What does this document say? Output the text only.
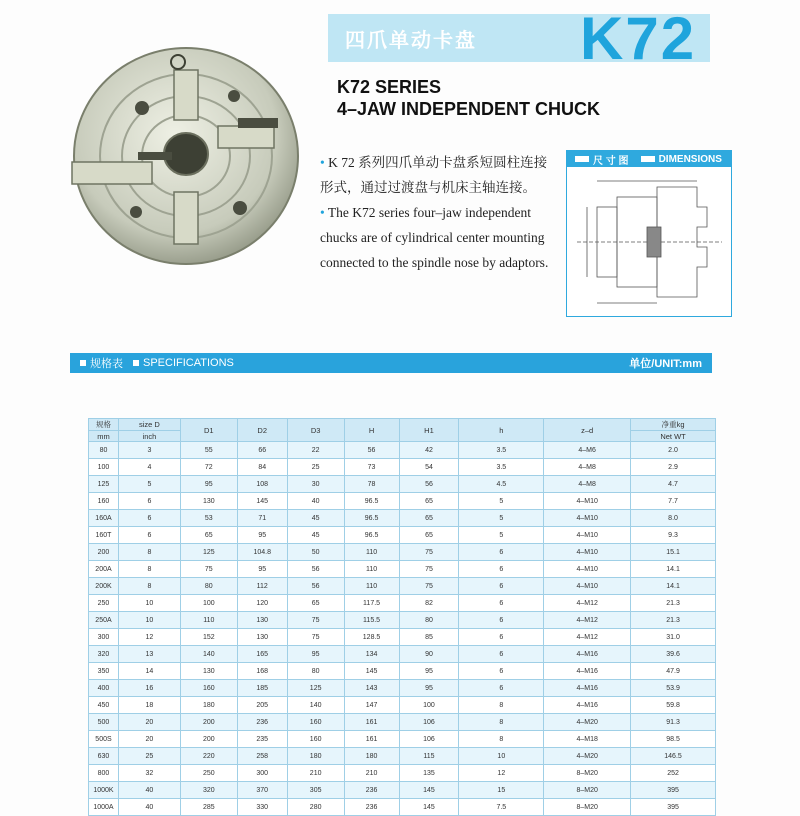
四爪单动卡盘 K72
K72 SERIES
4–JAW INDEPENDENT CHUCK

• K 72 系列四爪单动卡盘系短圆柱连接形式，通过过渡盘与机床主轴连接。

• The K72 series four–jaw independent chucks are of cylindrical center mounting connected to the spindle nose by adaptors.

尺 寸 图	DIMENSIONS
规格表 SPECIFICATIONS	单位/UNIT:mm
规格	size D	D1	D2	D3	H	H1	h	z–d	净重kg
mm	inch								Net WT
80	3	55	66	22	56	42	3.5	4–M6	2.0
100	4	72	84	25	73	54	3.5	4–M8	2.9
125	5	95	108	30	78	56	4.5	4–M8	4.7
160	6	130	145	40	96.5	65	5	4–M10	7.7
160A	6	53	71	45	96.5	65	5	4–M10	8.0
160T	6	65	95	45	96.5	65	5	4–M10	9.3
200	8	125	104.8	50	110	75	6	4–M10	15.1
200A	8	75	95	56	110	75	6	4–M10	14.1
200K	8	80	112	56	110	75	6	4–M10	14.1
250	10	100	120	65	117.5	82	6	4–M12	21.3
250A	10	110	130	75	115.5	80	6	4–M12	21.3
300	12	152	130	75	128.5	85	6	4–M12	31.0
320	13	140	165	95	134	90	6	4–M16	39.6
350	14	130	168	80	145	95	6	4–M16	47.9
400	16	160	185	125	143	95	6	4–M16	53.9
450	18	180	205	140	147	100	8	4–M16	59.8
500	20	200	236	160	161	106	8	4–M20	91.3
500S	20	200	235	160	161	106	8	4–M18	98.5
630	25	220	258	180	180	115	10	4–M20	146.5
800	32	250	300	210	210	135	12	8–M20	252
1000K	40	320	370	305	236	145	15	8–M20	395
1000A	40	285	330	280	236	145	7.5	8–M20	395
